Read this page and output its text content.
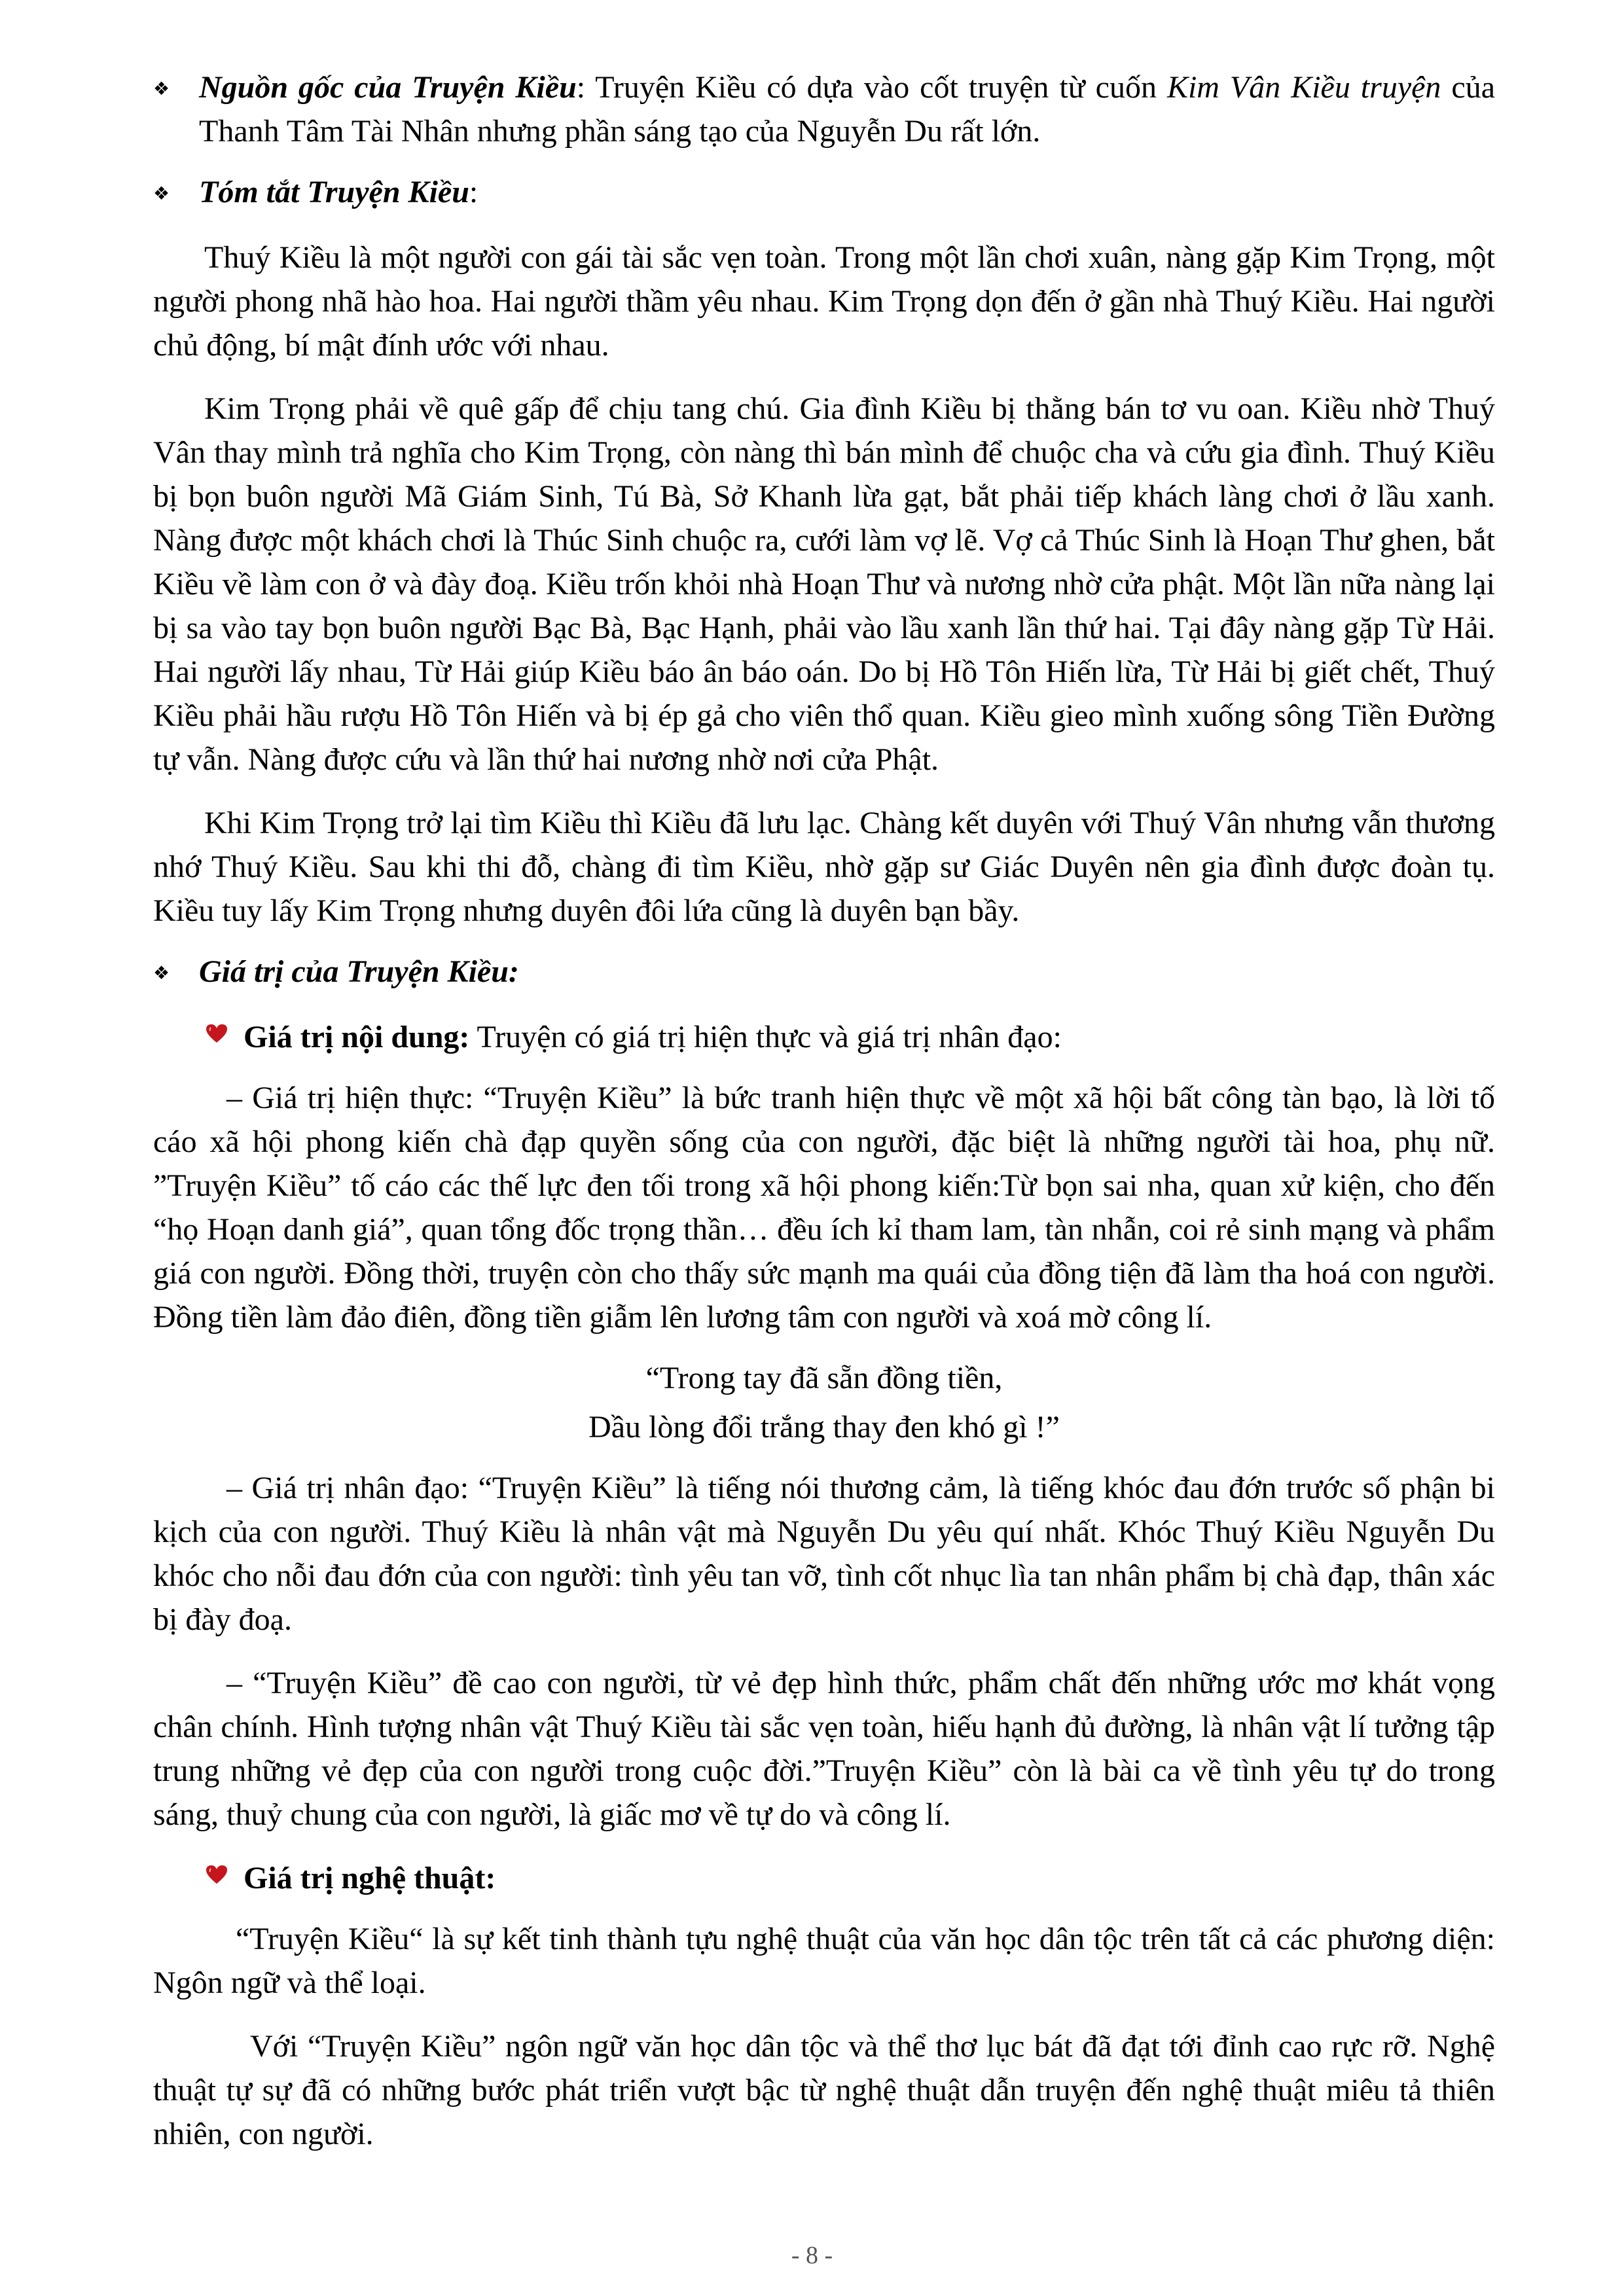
❖ Nguồn gốc của Truyện Kiều: Truyện Kiều có dựa vào cốt truyện từ cuốn Kim Vân Kiều truyện của Thanh Tâm Tài Nhân nhưng phần sáng tạo của Nguyễn Du rất lớn.
❖ Tóm tắt Truyện Kiều:

Thuý Kiều là một người con gái tài sắc vẹn toàn. Trong một lần chơi xuân, nàng gặp Kim Trọng, một người phong nhã hào hoa. Hai người thầm yêu nhau. Kim Trọng dọn đến ở gần nhà Thuý Kiều. Hai người chủ động, bí mật đính ước với nhau.

Kim Trọng phải về quê gấp để chịu tang chú. Gia đình Kiều bị thằng bán tơ vu oan. Kiều nhờ Thuý Vân thay mình trả nghĩa cho Kim Trọng, còn nàng thì bán mình để chuộc cha và cứu gia đình. Thuý Kiều bị bọn buôn người Mã Giám Sinh, Tú Bà, Sở Khanh lừa gạt, bắt phải tiếp khách làng chơi ở lầu xanh. Nàng được một khách chơi là Thúc Sinh chuộc ra, cưới làm vợ lẽ. Vợ cả Thúc Sinh là Hoạn Thư ghen, bắt Kiều về làm con ở và đày đoạ. Kiều trốn khỏi nhà Hoạn Thư và nương nhờ cửa phật. Một lần nữa nàng lại bị sa vào tay bọn buôn người Bạc Bà, Bạc Hạnh, phải vào lầu xanh lần thứ hai. Tại đây nàng gặp Từ Hải. Hai người lấy nhau, Từ Hải giúp Kiều báo ân báo oán. Do bị Hồ Tôn Hiến lừa, Từ Hải bị giết chết, Thuý Kiều phải hầu rượu Hồ Tôn Hiến và bị ép gả cho viên thổ quan. Kiều gieo mình xuống sông Tiền Đường tự vẫn. Nàng được cứu và lần thứ hai nương nhờ nơi cửa Phật.

Khi Kim Trọng trở lại tìm Kiều thì Kiều đã lưu lạc. Chàng kết duyên với Thuý Vân nhưng vẫn thương nhớ Thuý Kiều. Sau khi thi đỗ, chàng đi tìm Kiều, nhờ gặp sư Giác Duyên nên gia đình được đoàn tụ. Kiều tuy lấy Kim Trọng nhưng duyên đôi lứa cũng là duyên bạn bầy.

❖ Giá trị của Truyện Kiều:
Giá trị nội dung: Truyện có giá trị hiện thực và giá trị nhân đạo:

– Giá trị hiện thực: “Truyện Kiều” là bức tranh hiện thực về một xã hội bất công tàn bạo, là lời tố cáo xã hội phong kiến chà đạp quyền sống của con người, đặc biệt là những người tài hoa, phụ nữ. ”Truyện Kiều” tố cáo các thế lực đen tối trong xã hội phong kiến:Từ bọn sai nha, quan xử kiện, cho đến “họ Hoạn danh giá”, quan tổng đốc trọng thần… đều ích kỉ tham lam, tàn nhẫn, coi rẻ sinh mạng và phẩm giá con người. Đồng thời, truyện còn cho thấy sức mạnh ma quái của đồng tiện đã làm tha hoá con người. Đồng tiền làm đảo điên, đồng tiền giẫm lên lương tâm con người và xoá mờ công lí.

“Trong tay đã sẵn đồng tiền,

Dầu lòng đổi trắng thay đen khó gì !”

– Giá trị nhân đạo: “Truyện Kiều” là tiếng nói thương cảm, là tiếng khóc đau đớn trước số phận bi kịch của con người. Thuý Kiều là nhân vật mà Nguyễn Du yêu quí nhất. Khóc Thuý Kiều Nguyễn Du khóc cho nỗi đau đớn của con người: tình yêu tan vỡ, tình cốt nhục lìa tan nhân phẩm bị chà đạp, thân xác bị đày đoạ.

– “Truyện Kiều” đề cao con người, từ vẻ đẹp hình thức, phẩm chất đến những ước mơ khát vọng chân chính. Hình tượng nhân vật Thuý Kiều tài sắc vẹn toàn, hiếu hạnh đủ đường, là nhân vật lí tưởng tập trung những vẻ đẹp của con người trong cuộc đời.”Truyện Kiều” còn là bài ca về tình yêu tự do trong sáng, thuỷ chung của con người, là giấc mơ về tự do và công lí.

Giá trị nghệ thuật:

“Truyện Kiều“ là sự kết tinh thành tựu nghệ thuật của văn học dân tộc trên tất cả các phương diện: Ngôn ngữ và thể loại.

Với “Truyện Kiều” ngôn ngữ văn học dân tộc và thể thơ lục bát đã đạt tới đỉnh cao rực rỡ. Nghệ thuật tự sự đã có những bước phát triển vượt bậc từ nghệ thuật dẫn truyện đến nghệ thuật miêu tả thiên nhiên, con người.

- 8 -
